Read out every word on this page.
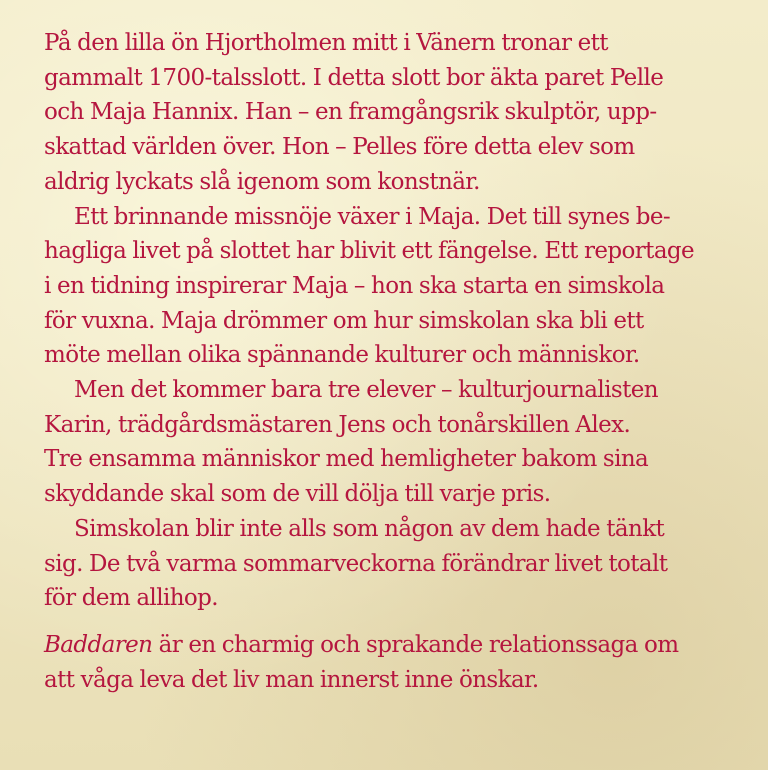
På den lilla ön Hjortholmen mitt i Vänern tronar ett
gammalt 1700-talsslott. I detta slott bor äkta paret Pelle
och Maja Hannix. Han – en framgångsrik skulptör, upp-
skattad världen över. Hon – Pelles före detta elev som
aldrig lyckats slå igenom som konstnär.

Ett brinnande missnöje växer i Maja. Det till synes be-
hagliga livet på slottet har blivit ett fängelse. Ett reportage
i en tidning inspirerar Maja – hon ska starta en simskola
för vuxna. Maja drömmer om hur simskolan ska bli ett
möte mellan olika spännande kulturer och människor.

Men det kommer bara tre elever – kulturjournalisten
Karin, trädgårdsmästaren Jens och tonårskillen Alex.
Tre ensamma människor med hemligheter bakom sina
skyddande skal som de vill dölja till varje pris.

Simskolan blir inte alls som någon av dem hade tänkt
sig. De två varma sommarveckorna förändrar livet totalt
för dem allihop.

Baddaren är en charmig och sprakande relationssaga om
att våga leva det liv man innerst inne önskar.
